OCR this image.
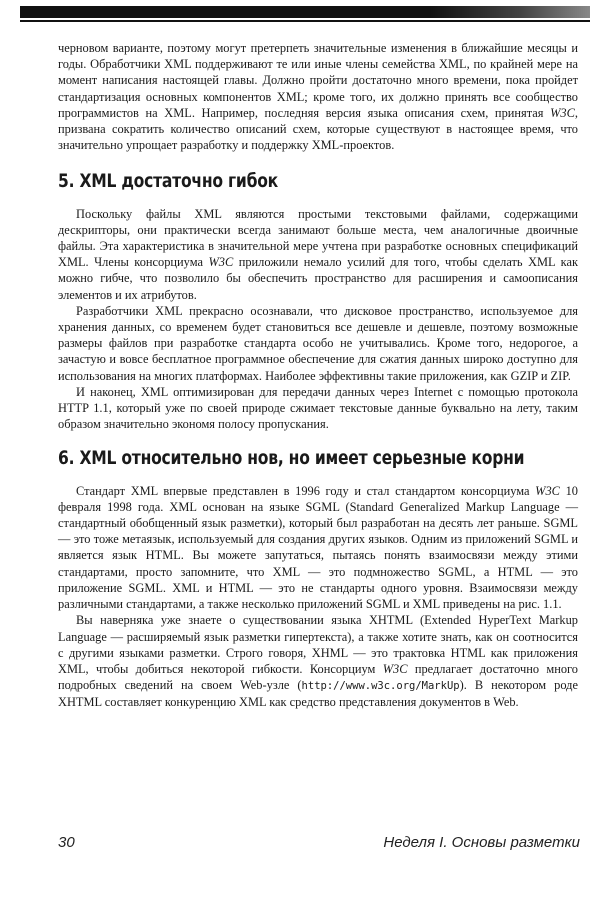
черновом варианте, поэтому могут претерпеть значительные изменения в ближайшие месяцы и годы. Обработчики XML поддерживают те или иные члены семейства XML, по крайней мере на момент написания настоящей главы. Должно пройти достаточно много времени, пока пройдет стандартизация основных компонентов XML; кроме того, их должно принять все сообщество программистов на XML. Например, последняя версия языка описания схем, принятая W3C, призвана сократить количество описаний схем, которые существуют в настоящее время, что значительно упрощает разработку и поддержку XML-проектов.

5. XML достаточно гибок

Поскольку файлы XML являются простыми текстовыми файлами, содержащими дескрипторы, они практически всегда занимают больше места, чем аналогичные двоичные файлы. Эта характеристика в значительной мере учтена при разработке основных спецификаций XML. Члены консорциума W3C приложили немало усилий для того, чтобы сделать XML как можно гибче, что позволило бы обеспечить пространство для расширения и самоописания элементов и их атрибутов.

Разработчики XML прекрасно осознавали, что дисковое пространство, используемое для хранения данных, со временем будет становиться все дешевле и дешевле, поэтому возможные размеры файлов при разработке стандарта особо не учитывались. Кроме того, недорогое, а зачастую и вовсе бесплатное программное обеспечение для сжатия данных широко доступно для использования на многих платформах. Наиболее эффективны такие приложения, как GZIP и ZIP.

И наконец, XML оптимизирован для передачи данных через Internet с помощью протокола HTTP 1.1, который уже по своей природе сжимает текстовые данные буквально на лету, таким образом значительно экономя полосу пропускания.

6. XML относительно нов, но имеет серьезные корни

Стандарт XML впервые представлен в 1996 году и стал стандартом консорциума W3C 10 февраля 1998 года. XML основан на языке SGML (Standard Generalized Markup Language — стандартный обобщенный язык разметки), который был разработан на десять лет раньше. SGML — это тоже метаязык, используемый для создания других языков. Одним из приложений SGML и является язык HTML. Вы можете запутаться, пытаясь понять взаимосвязи между этими стандартами, просто запомните, что XML — это подмножество SGML, а HTML — это приложение SGML. XML и HTML — это не стандарты одного уровня. Взаимосвязи между различными стандартами, а также несколько приложений SGML и XML приведены на рис. 1.1.

Вы наверняка уже знаете о существовании языка XHTML (Extended HyperText Markup Language — расширяемый язык разметки гипертекста), а также хотите знать, как он соотносится с другими языками разметки. Строго говоря, XHML — это трактовка HTML как приложения XML, чтобы добиться некоторой гибкости. Консорциум W3C предлагает достаточно много подробных сведений на своем Web-узле (http://www.w3c.org/MarkUp). В некотором роде XHTML составляет конкуренцию XML как средство представления документов в Web.

30	Неделя I. Основы разметки
